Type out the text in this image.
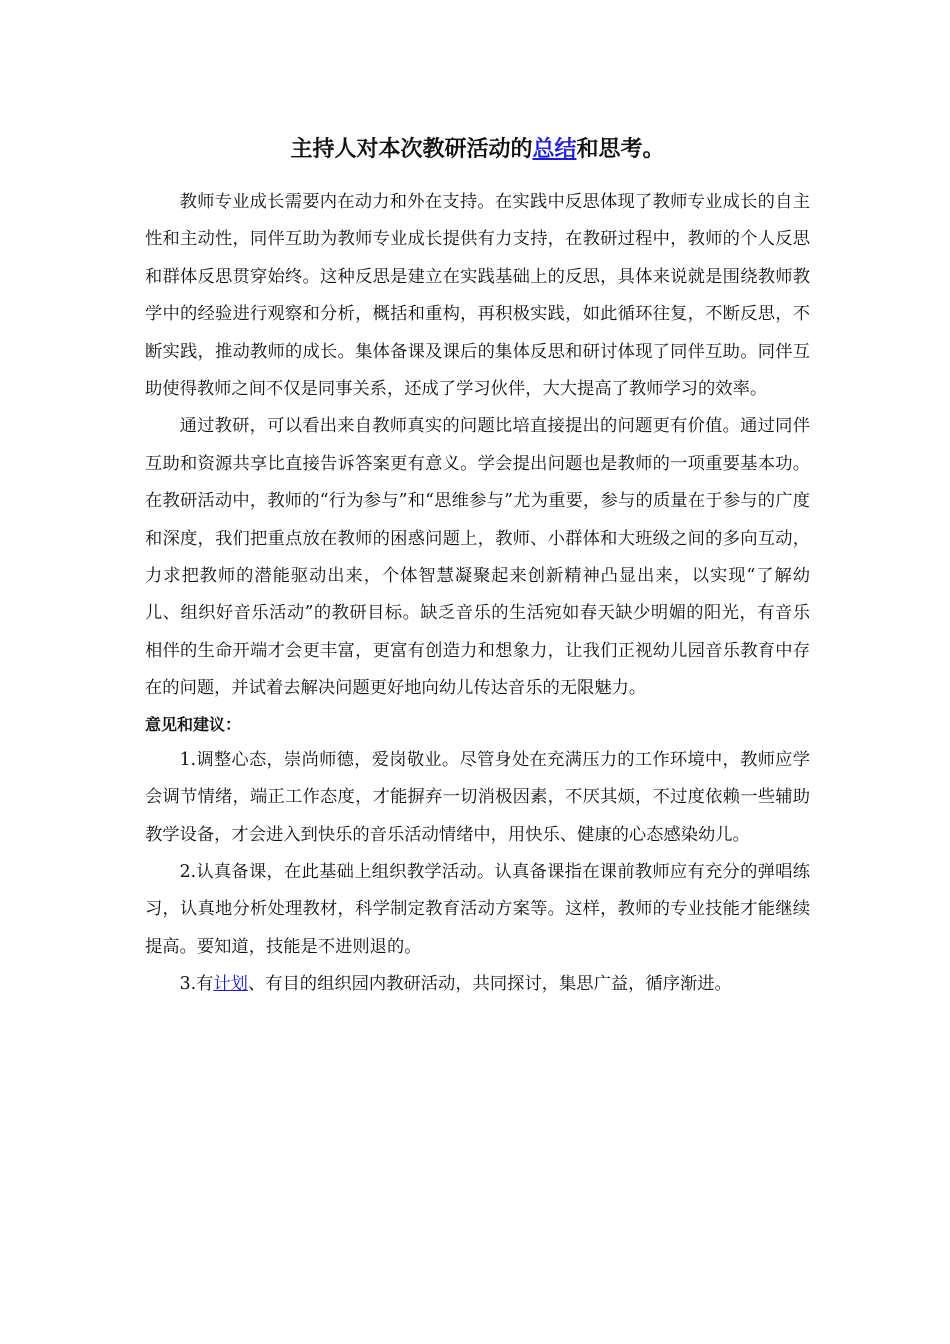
主持人对本次教研活动的总结和思考。

教师专业成长需要内在动力和外在支持。在实践中反思体现了教师专业成长的自主性和主动性，同伴互助为教师专业成长提供有力支持，在教研过程中，教师的个人反思和群体反思贯穿始终。这种反思是建立在实践基础上的反思，具体来说就是围绕教师教学中的经验进行观察和分析，概括和重构，再积极实践，如此循环往复，不断反思，不断实践，推动教师的成长。集体备课及课后的集体反思和研讨体现了同伴互助。同伴互助使得教师之间不仅是同事关系，还成了学习伙伴，大大提高了教师学习的效率。

通过教研，可以看出来自教师真实的问题比培直接提出的问题更有价值。通过同伴互助和资源共享比直接告诉答案更有意义。学会提出问题也是教师的一项重要基本功。在教研活动中，教师的“行为参与”和“思维参与”尤为重要，参与的质量在于参与的广度和深度，我们把重点放在教师的困惑问题上，教师、小群体和大班级之间的多向互动，力求把教师的潜能驱动出来，个体智慧凝聚起来创新精神凸显出来，以实现“了解幼儿、组织好音乐活动”的教研目标。缺乏音乐的生活宛如春天缺少明媚的阳光，有音乐相伴的生命开端才会更丰富，更富有创造力和想象力，让我们正视幼儿园音乐教育中存在的问题，并试着去解决问题更好地向幼儿传达音乐的无限魅力。

意见和建议：

1.调整心态，崇尚师德，爱岗敬业。尽管身处在充满压力的工作环境中，教师应学会调节情绪，端正工作态度，才能摒弃一切消极因素，不厌其烦，不过度依赖一些辅助教学设备，才会进入到快乐的音乐活动情绪中，用快乐、健康的心态感染幼儿。

2.认真备课，在此基础上组织教学活动。认真备课指在课前教师应有充分的弹唱练习，认真地分析处理教材，科学制定教育活动方案等。这样，教师的专业技能才能继续提高。要知道，技能是不进则退的。

3.有计划、有目的组织园内教研活动，共同探讨，集思广益，循序渐进。
